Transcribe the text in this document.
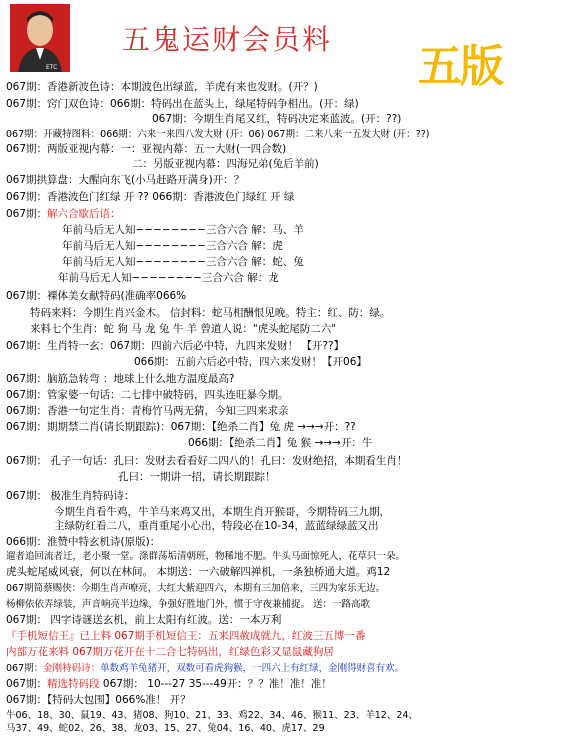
ETC
五鬼运财会员料
五版
067期：香港新波色诗：本期波色出绿蓝，羊虎有来也发财。(开？)
067期：窍门双色诗：066期：特码出在蓝头上，绿尾特码争相出。(开：绿)
067期：今期生肖尾又红，特码决定来蓝波。(开：??)
067期：开藏特图料：066期：六来一来四八发大财 (开：06) 067期：二来八来一五发大财 (开：??)
067期：两版亚视内幕：一：亚视内幕：五一大财(一四合数)
二：另版亚视内幕：四海兄弟(兔后羊前)
067期拱算盘：大醒向东飞(小马赶路开满身)开：？
067期：香港波色门红绿 开 ?? 066期：香港波色门绿红 开 绿
067期：解六合歇后语：
年前马后无人知−−−−−−−−三合六合 解：马、羊
年前马后无人知−−−−−−−−三合六合 解：虎
年前马后无人知−−−−−−−−三合六合 解：蛇、兔
年前马后无人知−−−−−−−−三合六合 解：龙
067期：裸体美女献特码(准确率066%
特码来料：今期生肖兴金木。 信封料：蛇马相酬恨见晚。特主：红、防：绿。
来料七个生肖：蛇 狗 马 龙 兔 牛 羊 曾道人说："虎头蛇尾防二六"
067期：生肖特一玄：067期：四前六后必中特，九四来发财！ 【开??】
066期：五前六后必中特，四六来发财！【开06】
067期：脑筋急转弯 ：地球上什么地方温度最高?
067期：管家婆一句话：二七排中破特码，四头连旺暴今期。
067期：香港一句定生肖：青梅竹马两无猜，今知三四来求亲
067期：期期禁二肖(请长期跟踪)：067期：【绝杀二肖】兔 虎 →→→开：??
066期：【绝杀二肖】兔 猴 →→→开：牛
067期： 孔子一句话：孔曰：发财去看看好二四八的！孔曰：发财绝招，本期看生肖！
孔曰：一期讲一招，请长期跟踪！
067期： 极准生肖特码诗：
今期生肖看牛鸡，牛羊马来鸡又出，本期生肖开猴哥，今期特码三九期，
主绿防红看二八，重肖重尾小心出，特段必在10-34，蓝蓝绿绿蓝又出
066期：淮赞中特玄机诗(原版)：
遛者追回流者迁，老小聚一堂。涤群荡垢清朝班，物稀地不肥。牛头马面惊死人，花草只一朵。
虎头蛇尾威风衰，何以在林间。 本期送：一六破解四禅机，一条独桥通大道。鸡12
067期简蔡赐侠：今期生肖声嘹亮，大红大紫迎四六，本期有三加倍来，三四为家乐无边。
杨柳依依弄绿装，声音响亮半边缘，争强好胜地门外，惯于守夜兼捕捉。 送：一路高歌
067期： 四字诗谜送玄机，前上太阳有红波。送：一本万利
『手机短信王』已上料 067期手机短信王：五来四赦成就九，红波三五博一番
内部万花来料 067期万花开在十二合七特码出，红绿色彩又显鼠藏狗居
067期：金刚特码诗：单数鸡羊兔猪开，双数可看虎狗猴，一四六上有红绿，金刚得财喜有欢。
067期：精选特码段 067期： 10---27 35---49开：？？准！准！准！
067期：【特码大包围】066%准！ 开？
牛06、18、30、鼠19、43、猪08、狗10、21、33、鸡22、34、46、猴11、23、羊12、24、
马37、49、蛇02、26、38、龙03、15、27、兔04、16、40、虎17、29
